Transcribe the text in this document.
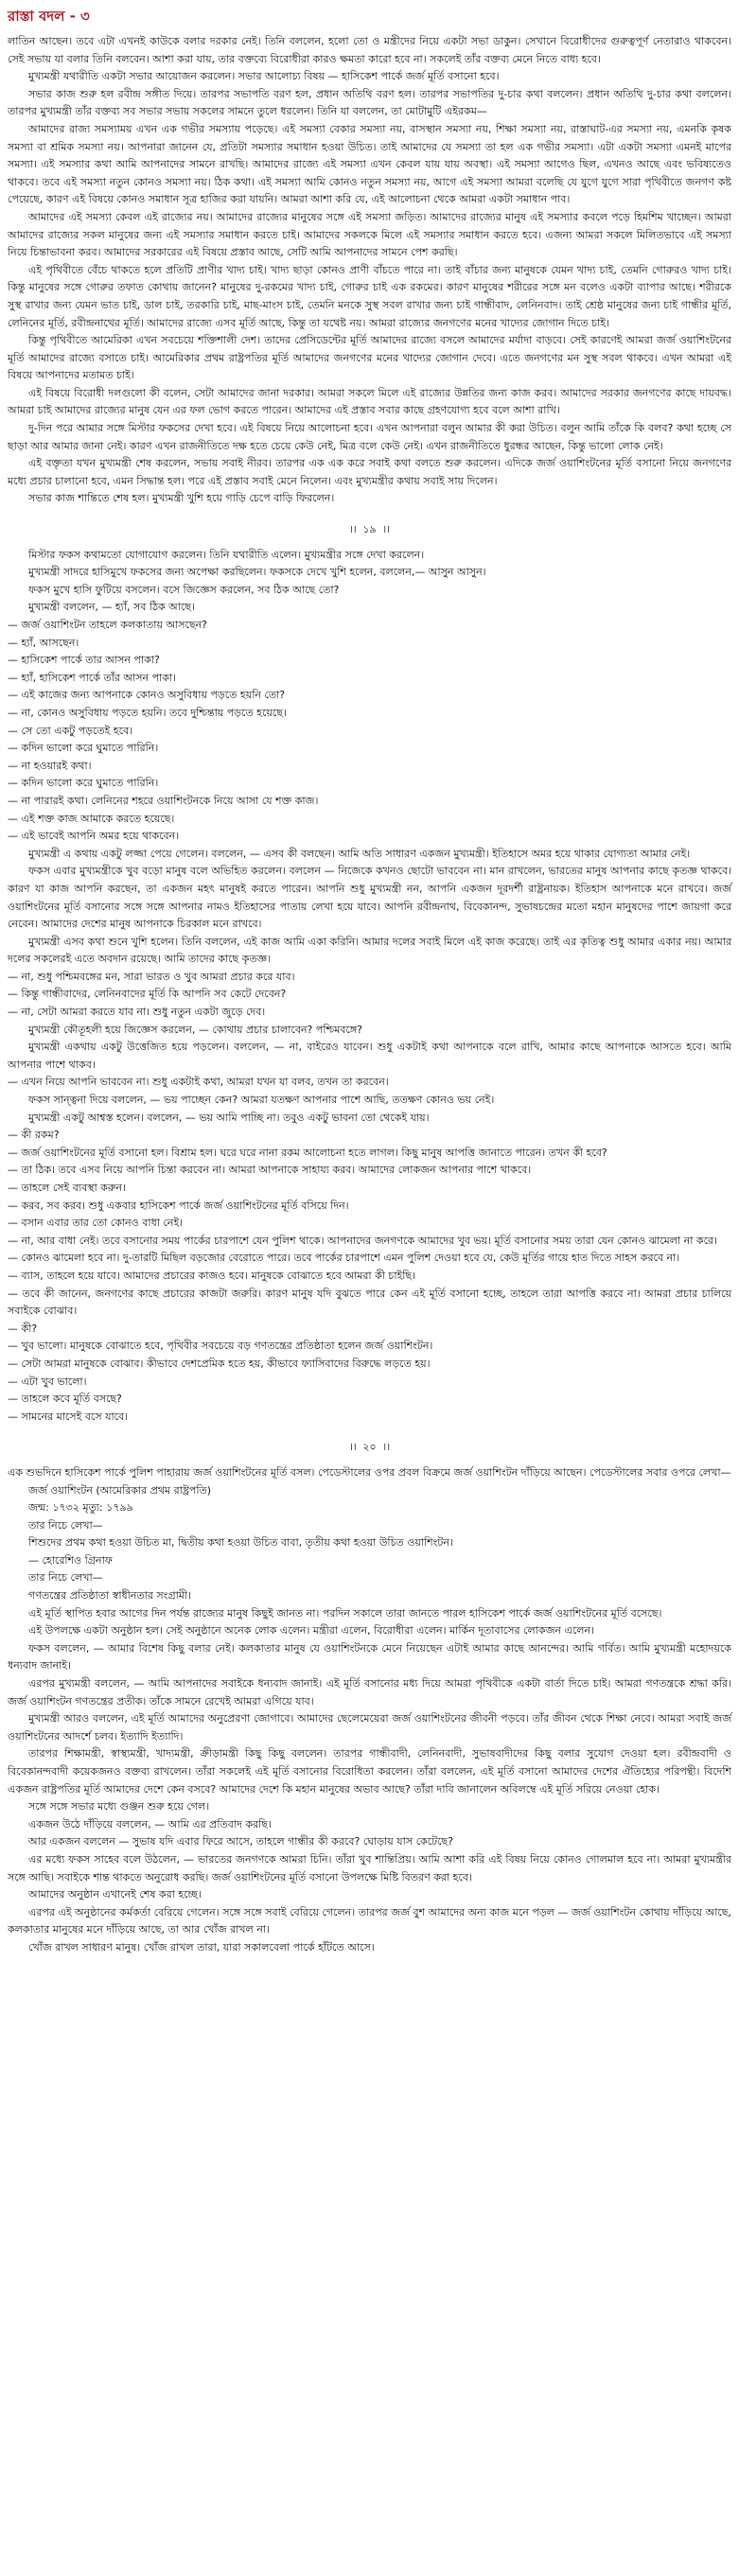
রাস্তা বদল - ৩

লাতিন আছেন। তবে এটা এখনই কাউকে বলার দরকার নেই। তিনি বললেন, হলো তো ও মন্ত্রীদের নিয়ে একটা সভা ডাকুন। সেখানে বিরোধীদের গুরুত্বপূর্ণ নেতারাও থাকবেন। সেই সভায় যা বলার তিনি বলবেন। আশা করা যায়, তার বক্তব্যে বিরোধীরা কারও ক্ষমতা কারো হবে না। সকলেই তাঁর বক্তব্য মেনে নিতে বাধ্য হবে।

মুখ্যমন্ত্রী যথারীতি একটা সভার আয়োজন করলেন। সভার আলোচ্য বিষয় — হাসিকেশ পার্কে জর্জ মূর্তি বসানো হবে।

সভার কাজ শুরু হল রবীন্দ্র সঙ্গীত দিয়ে। তারপর সভাপতি বরণ হল, প্রধান অতিথি বরণ হল। তারপর সভাপতির দু-চার কথা বললেন। প্রধান অতিথি দু-চার কথা বললেন। তারপর মুখ্যমন্ত্রী তাঁর বক্তব্য সব সভার সভায় সকলের সামনে তুলে ধরলেন। তিনি যা বললেন, তা মোটামুটি এইরকম—

আমাদের রাজ্য সমস্যাময় এখন এক গভীর সমস্যায় পড়েছে। এই সমস্যা বেকার সমস্যা নয়, বাসস্থান সমস্যা নয়, শিক্ষা সমস্যা নয়, রাস্তাঘাট-এর সমস্যা নয়, এমনকি কৃষক সমস্যা বা শ্রমিক সমস্যা নয়। আপনারা জানেন যে, প্রতিটা সমস্যার সমাধান হওয়া উচিত। তাই আমাদের যে সমস্যা তা হল এক গভীর সমস্যা। এটা একটা সমস্যা এমনই মাপের সমস্যা। এই সমস্যার কথা আমি আপনাদের সামনে রাখছি। আমাদের রাজ্যে এই সমস্যা এখন কেবল যায় যায় অবস্থা। এই সমস্যা আগেও ছিল, এখনও আছে এবং ভবিষ্যতেও থাকবে। তবে এই সমস্যা নতুন কোনও সমস্যা নয়। ঠিক কথা। এই সমস্যা আমি কোনও নতুন সমস্যা নয়, আগে এই সমস্যা আমরা বলেছি যে যুগে যুগে সারা পৃথিবীতে জনগণ কষ্ট পেয়েছে, কারণ এই বিষয়ে কোনও সমাধান সূত্র হাজির করা যায়নি। আমরা আশা করি যে, এই আলোচনা থেকে আমরা একটা সমাধান পাব।

আমাদের এই সমস্যা কেবল এই রাজ্যের নয়। আমাদের রাজ্যের মানুষের সঙ্গে এই সমস্যা জড়িত। আমাদের রাজ্যের মানুষ এই সমস্যার কবলে পড়ে হিমশিম খাচ্ছেন। আমরা আমাদের রাজ্যের সকল মানুষের জন্য এই সমস্যার সমাধান করতে চাই। আমাদের সকলকে মিলে এই সমস্যার সমাধান করতে হবে। এজন্য আমরা সকলে মিলিতভাবে এই সমস্যা নিয়ে চিন্তাভাবনা করব। আমাদের সরকারের এই বিষয়ে প্রস্তাব আছে, সেটি আমি আপনাদের সামনে পেশ করছি।

এই পৃথিবীতে বেঁচে থাকতে হলে প্রতিটি প্রাণীর খাদ্য চাই। খাদ্য ছাড়া কোনও প্রাণী বাঁচতে পারে না। তাই বাঁচার জন্য মানুষকে যেমন খাদ্য চাই, তেমনি গোরুরও খাদ্য চাই। কিন্তু মানুষের সঙ্গে গোরুর তফাত কোথায় জানেন? মানুষের দু-রকমের খাদ্য চাই, গোরুর চাই এক রকমের। কারণ মানুষের শরীরের সঙ্গে মন বলেও একটা ব্যাপার আছে। শরীরকে সুস্থ রাখার জন্য যেমন ভাত চাই, ডাল চাই, তরকারি চাই, মাছ-মাংস চাই, তেমনি মনকে সুস্থ সবল রাখার জন্য চাই গান্ধীবাদ, লেনিনবাদ। তাই শ্রেষ্ঠ মানুষের জন্য চাই গান্ধীর মূর্তি, লেনিনের মূর্তি, রবীন্দ্রনাথের মূর্তি। আমাদের রাজ্যে এসব মূর্তি আছে, কিন্তু তা যথেষ্ট নয়। আমরা রাজ্যের জনগণের মনের খাদ্যের জোগান দিতে চাই।

কিন্তু পৃথিবীতে আমেরিকা এখন সবচেয়ে শক্তিশালী দেশ। তাদের প্রেসিডেন্টের মূর্তি আমাদের রাজ্যে বসলে আমাদের মর্যাদা বাড়বে। সেই কারণেই আমরা জর্জ ওয়াশিংটনের মূর্তি আমাদের রাজ্যে বসাতে চাই। আমেরিকার প্রথম রাষ্ট্রপতির মূর্তি আমাদের জনগণের মনের খাদ্যের জোগান দেবে। এতে জনগণের মন সুস্থ সবল থাকবে। এখন আমরা এই বিষয়ে আপনাদের মতামত চাই।

এই বিষয়ে বিরোধী দলগুলো কী বলেন, সেটা আমাদের জানা দরকার। আমরা সকলে মিলে এই রাজ্যের উন্নতির জন্য কাজ করব। আমাদের সরকার জনগণের কাছে দায়বদ্ধ। আমরা চাই আমাদের রাজ্যের মানুষ যেন এর ফল ভোগ করতে পারেন। আমাদের এই প্রস্তাব সবার কাছে গ্রহণযোগ্য হবে বলে আশা রাখি।

দু-দিন পরে আমার সঙ্গে মিস্টার ফকসের দেখা হবে। এই বিষয়ে নিয়ে আলোচনা হবে। এখন আপনারা বলুন আমার কী করা উচিত। বলুন আমি তাঁকে কি বলব? কথা হচ্ছে সে ছাড়া আর আমার জানা নেই। কারণ এখন রাজনীতিতে দক্ষ হতে চেয়ে কেউ নেই, মিত্র বলে কেউ নেই। এখন রাজনীতিতে ধুরন্ধর আছেন, কিন্তু ভালো লোক নেই।

এই বক্তৃতা যখন মুখ্যমন্ত্রী শেষ করলেন, সভায় সবাই নীরব। তারপর এক এক করে সবাই কথা বলতে শুরু করলেন। এদিকে জর্জ ওয়াশিংটনের মূর্তি বসানো নিয়ে জনগণের মধ্যে প্রচার চালানো হবে, এমন সিদ্ধান্ত হল। পরে এই প্রস্তাব সবাই মেনে নিলেন। এবং মুখ্যমন্ত্রীর কথায় সবাই সায় দিলেন।

সভার কাজ শান্তিতে শেষ হল। মুখ্যমন্ত্রী খুশি হয়ে গাড়ি চেপে বাড়ি ফিরলেন।

।। ১৯ ।।

মিস্টার ফকস কথামতো যোগাযোগ করলেন। তিনি যথারীতি এলেন। মুখ্যমন্ত্রীর সঙ্গে দেখা করলেন।

মুখ্যমন্ত্রী সাদরে হাসিমুখে ফকসের জন্য অপেক্ষা করছিলেন। ফকসকে দেখে খুশি হলেন, বললেন,— আসুন আসুন।

ফকস মুখে হাসি ফুটিয়ে বসলেন। বসে জিজ্ঞেস করলেন, সব ঠিক আছে তো?

মুখ্যমন্ত্রী বললেন, — হ্যাঁ, সব ঠিক আছে।

— জর্জ ওয়াশিংটন তাহলে কলকাতায় আসছেন?

— হ্যাঁ, আসছেন।

— হাসিকেশ পার্কে তার আসন পাকা?

— হ্যাঁ, হাসিকেশ পার্কে তাঁর আসন পাকা।

— এই কাজের জন্য আপনাকে কোনও অসুবিধায় পড়তে হয়নি তো?

— না, কোনও অসুবিধায় পড়তে হয়নি। তবে দুশ্চিন্তায় পড়তে হয়েছে।

— সে তো একটু পড়তেই হবে।

— কদিন ভালো করে ঘুমাতে পারিনি।

— না হওয়ারই কথা।

— কদিন ভালো করে ঘুমাতে পারিনি।

— না পারারই কথা। লেনিনের শহরে ওয়াশিংটনকে নিয়ে আসা যে শক্ত কাজ।

— এই শক্ত কাজ আমাকে করতে হয়েছে।

— এই ভাবেই আপনি অমর হয়ে থাকবেন।

মুখ্যমন্ত্রী এ কথায় একটু লজ্জা পেয়ে গেলেন। বললেন, — এসব কী বলছেন। আমি অতি সাধারণ একজন মুখ্যমন্ত্রী। ইতিহাসে অমর হয়ে থাকার যোগ্যতা আমার নেই।

ফকস এবার মুখ্যমন্ত্রীকে খুব বড়ো মানুষ বলে অভিহিত করলেন। বললেন — নিজেকে কখনও ছোটো ভাববেন না। মান রাখলেন, ভারতের মানুষ আপনার কাছে কৃতজ্ঞ থাকবে। কারণ যা কাজ আপনি করছেন, তা একজন মহৎ মানুষই করতে পারেন। আপনি শুধু মুখ্যমন্ত্রী নন, আপনি একজন দূরদর্শী রাষ্ট্রনায়ক। ইতিহাস আপনাকে মনে রাখবে। জর্জ ওয়াশিংটনের মূর্তি বসানোর সঙ্গে সঙ্গে আপনার নামও ইতিহাসের পাতায় লেখা হয়ে যাবে। আপনি রবীন্দ্রনাথ, বিবেকানন্দ, সুভাষচন্দ্রের মতো মহান মানুষদের পাশে জায়গা করে নেবেন। আমাদের দেশের মানুষ আপনাকে চিরকাল মনে রাখবে।

মুখ্যমন্ত্রী এসব কথা শুনে খুশি হলেন। তিনি বললেন, এই কাজ আমি একা করিনি। আমার দলের সবাই মিলে এই কাজ করেছে। তাই এর কৃতিত্ব শুধু আমার একার নয়। আমার দলের সকলেরই এতে অবদান রয়েছে। আমি তাদের কাছে কৃতজ্ঞ।

— না, শুধু পশ্চিমবঙ্গের মন, সারা ভারত ও খুব আমরা প্রচার করে যাব।

— কিন্তু গান্ধীবাদের, লেনিনবাদের মূর্তি কি আপনি সব কেটে দেবেন?

— না, সেটা আমরা করতে যাব না। শুধু নতুন একটা জুড়ে দেব।

মুখ্যমন্ত্রী কৌতূহলী হয়ে জিজ্ঞেস করলেন, — কোথায় প্রচার চালাবেন? পশ্চিমবঙ্গে?

মুখ্যমন্ত্রী একথায় একটু উত্তেজিত হয়ে পড়লেন। বললেন, — না, বাইরেও যাবেন। শুধু একটাই কথা আপনাকে বলে রাখি, আমার কাছে আপনাকে আসতে হবে। আমি আপনার পাশে থাকব।

— এখন নিয়ে আপনি ভাববেন না। শুধু একটাই কথা, আমরা যখন যা বলব, তখন তা করবেন।

ফকস সান্ত্বনা দিয়ে বললেন, — ভয় পাচ্ছেন কেন? আমরা যতক্ষণ আপনার পাশে আছি, ততক্ষণ কোনও ভয় নেই।

মুখ্যমন্ত্রী একটু আশ্বস্ত হলেন। বললেন, — ভয় আমি পাচ্ছি না। তবুও একটু ভাবনা তো থেকেই যায়।

— কী রকম?

— জর্জ ওয়াশিংটনের মূর্তি বসানো হল। বিশ্রাম হল। ঘরে ঘরে নানা রকম আলোচনা হতে লাগল। কিছু মানুষ আপত্তি জানাতে পারেন। তখন কী হবে?

— তা ঠিক। তবে এসব নিয়ে আপনি চিন্তা করবেন না। আমরা আপনাকে সাহায্য করব। আমাদের লোকজন আপনার পাশে থাকবে।

— তাহলে সেই ব্যবস্থা করুন।

— করব, সব করব। শুধু একবার হাসিকেশ পার্কে জর্জ ওয়াশিংটনের মূর্তি বসিয়ে দিন।

— বসান এবার তার তো কোনও বাধা নেই।

— না, আর বাধা নেই। তবে বসানোর সময় পার্কের চারপাশে যেন পুলিশ থাকে। আপনাদের জনগণকে আমাদের খুব ভয়। মূর্তি বসানোর সময় তারা যেন কোনও ঝামেলা না করে।

— কোনও ঝামেলা হবে না। দু-তারটি মিছিল বড়জোর বেরোতে পারে। তবে পার্কের চারপাশে এমন পুলিশ দেওয়া হবে যে, কেউ মূর্তির গায়ে হাত দিতে সাহস করবে না।

— ব্যাস, তাহলে হয়ে যাবে। আমাদের প্রচারের কাজও হবে। মানুষকে বোঝাতে হবে আমরা কী চাইছি।

— তবে কী জানেন, জনগণের কাছে প্রচারের কাজটা জরুরি। কারণ মানুষ যদি বুঝতে পারে কেন এই মূর্তি বসানো হচ্ছে, তাহলে তারা আপত্তি করবে না। আমরা প্রচার চালিয়ে সবাইকে বোঝাব।

— কী?

— খুব ভালো। মানুষকে বোঝাতে হবে, পৃথিবীর সবচেয়ে বড় গণতন্ত্রের প্রতিষ্ঠাতা হলেন জর্জ ওয়াশিংটন।

— সেটা আমরা মানুষকে বোঝাব। কীভাবে দেশপ্রেমিক হতে হয়, কীভাবে ফ্যাসিবাদের বিরুদ্ধে লড়তে হয়।

— এটা খুব ভালো।

— তাহলে কবে মূর্তি বসছে?

— সামনের মাসেই বসে যাবে।

।। ২০ ।।

এক শুভদিনে হাসিকেশ পার্কে পুলিশ পাহারায় জর্জ ওয়াশিংটনের মূর্তি বসল। পেডেস্টালের ওপর প্রবল বিক্রমে জর্জ ওয়াশিংটন দাঁড়িয়ে আছেন। পেডেস্টালের সবার ওপরে লেখা—

জর্জ ওয়াশিংটন (আমেরিকার প্রথম রাষ্ট্রপতি)

জন্ম: ১৭৩২ মৃত্যু: ১৭৯৯

তার নিচে লেখা—

শিশুদের প্রথম কথা হওয়া উচিত মা, দ্বিতীয় কথা হওয়া উচিত বাবা, তৃতীয় কথা হওয়া উচিত ওয়াশিংটন।

— হোরেশিও গ্রিনাফ

তার নিচে লেখা—

গণতন্ত্রের প্রতিষ্ঠাতা স্বাধীনতার সংগ্রামী।

এই মূর্তি স্থাপিত হবার আগের দিন পর্যন্ত রাজ্যের মানুষ কিছুই জানত না। পরদিন সকালে তারা জানতে পারল হাসিকেশ পার্কে জর্জ ওয়াশিংটনের মূর্তি বসেছে।

এই উপলক্ষে একটা অনুষ্ঠান হল। সেই অনুষ্ঠানে অনেক লোক এলেন। মন্ত্রীরা এলেন, বিরোধীরা এলেন। মার্কিন দূতাবাসের লোকজন এলেন।

ফকস বললেন, — আমার বিশেষ কিছু বলার নেই। কলকাতার মানুষ যে ওয়াশিংটনকে মেনে নিয়েছেন এটাই আমার কাছে আনন্দের। আমি গর্বিত। আমি মুখ্যমন্ত্রী মহোদয়কে ধন্যবাদ জানাই।

এরপর মুখ্যমন্ত্রী বললেন, — আমি আপনাদের সবাইকে ধন্যবাদ জানাই। এই মূর্তি বসানোর মধ্য দিয়ে আমরা পৃথিবীকে একটা বার্তা দিতে চাই। আমরা গণতন্ত্রকে শ্রদ্ধা করি। জর্জ ওয়াশিংটন গণতন্ত্রের প্রতীক। তাঁকে সামনে রেখেই আমরা এগিয়ে যাব।

মুখ্যমন্ত্রী আরও বললেন, এই মূর্তি আমাদের অনুপ্রেরণা জোগাবে। আমাদের ছেলেমেয়েরা জর্জ ওয়াশিংটনের জীবনী পড়বে। তাঁর জীবন থেকে শিক্ষা নেবে। আমরা সবাই জর্জ ওয়াশিংটনের আদর্শে চলব। ইত্যাদি ইত্যাদি।

তারপর শিক্ষামন্ত্রী, স্বাস্থ্যমন্ত্রী, খাদ্যমন্ত্রী, ক্রীড়ামন্ত্রী কিছু কিছু বললেন। তারপর গান্ধীবাদী, লেনিনবাদী, সুভাষবাদীদের কিছু বলার সুযোগ দেওয়া হল। রবীন্দ্রবাদী ও বিবেকানন্দবাদী কয়েকজনও বক্তব্য রাখলেন। তাঁরা সকলেই এই মূর্তি বসানোর বিরোধিতা করলেন। তাঁরা বললেন, এই মূর্তি বসানো আমাদের দেশের ঐতিহ্যের পরিপন্থী। বিদেশি একজন রাষ্ট্রপতির মূর্তি আমাদের দেশে কেন বসবে? আমাদের দেশে কি মহান মানুষের অভাব আছে? তাঁরা দাবি জানালেন অবিলম্বে এই মূর্তি সরিয়ে নেওয়া হোক।

সঙ্গে সঙ্গে সভার মধ্যে গুঞ্জন শুরু হয়ে গেল।

একজন উঠে দাঁড়িয়ে বললেন, — আমি এর প্রতিবাদ করছি।

আর একজন বললেন — সুভাষ যদি এবার ফিরে আসে, তাহলে গান্ধীর কী করবে? ঘোড়ায় যাস কেটেছে?

এর মধ্যে ফকস সাহেব বলে উঠলেন, — ভারতের জনগণকে আমরা চিনি। তাঁরা খুব শান্তিপ্রিয়। আমি আশা করি এই বিষয় নিয়ে কোনও গোলমাল হবে না। আমরা মুখ্যমন্ত্রীর সঙ্গে আছি। সবাইকে শান্ত থাকতে অনুরোধ করছি। জর্জ ওয়াশিংটনের মূর্তি বসানো উপলক্ষে মিষ্টি বিতরণ করা হবে।

আমাদের অনুষ্ঠান এখানেই শেষ করা হচ্ছে।

এরপর এই অনুষ্ঠানের কর্মকর্তা বেরিয়ে গেলেন। সঙ্গে সঙ্গে সবাই বেরিয়ে গেলেন। তারপর জর্জ বুশ আমাদের অন্য কাজ মনে পড়ল — জর্জ ওয়াশিংটন কোথায় দাঁড়িয়ে আছে, কলকাতার মানুষের মনে দাঁড়িয়ে আছে, তা আর খোঁজ রাখল না।

খোঁজ রাখল সাধারণ মানুষ। খোঁজ রাখল তারা, যারা সকালবেলা পার্কে হাঁটতে আসে।
